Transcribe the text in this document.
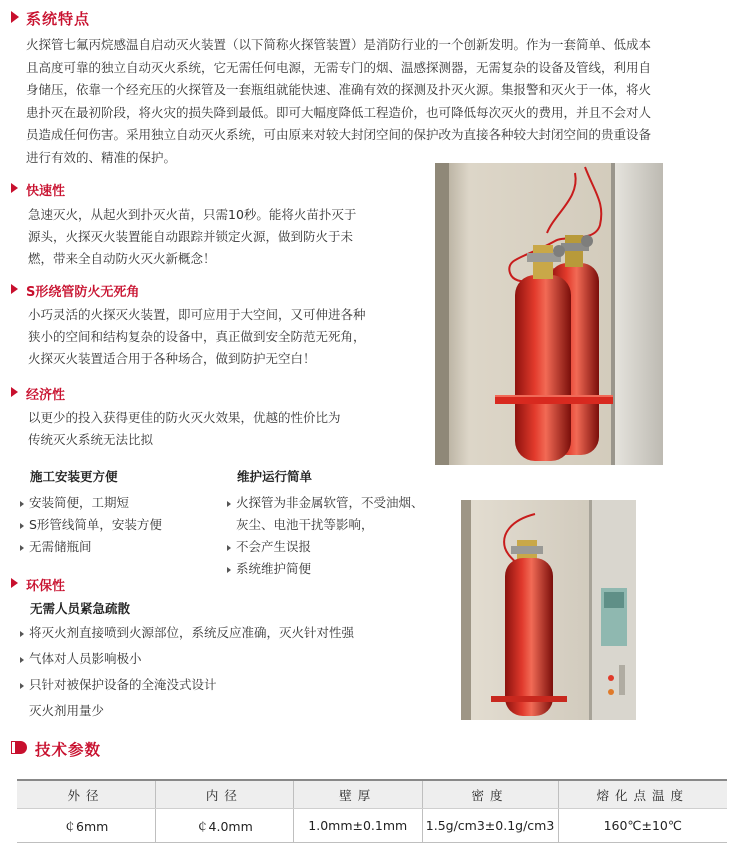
系统特点
火探管七氟丙烷感温自启动灭火装置（以下简称火探管装置）是消防行业的一个创新发明。作为一套简单、低成本
且高度可靠的独立自动灭火系统，它无需任何电源，无需专门的烟、温感探测器，无需复杂的设备及管线，利用自
身储压，依靠一个经充压的火探管及一套瓶组就能快速、准确有效的探测及扑灭火源。集报警和灭火于一体，将火
患扑灭在最初阶段，将火灾的损失降到最低。即可大幅度降低工程造价，也可降低每次灭火的费用，并且不会对人
员造成任何伤害。采用独立自动灭火系统，可由原来对较大封闭空间的保护改为直接各种较大封闭空间的贵重设备
进行有效的、精准的保护。
快速性
急速灭火，从起火到扑灭火苗，只需10秒。能将火苗扑灭于
源头，火探灭火装置能自动跟踪并锁定火源，做到防火于未
燃，带来全自动防火灭火新概念！
S形绕管防火无死角
小巧灵活的火探灭火装置，即可应用于大空间，又可伸进各种
狭小的空间和结构复杂的设备中，真正做到安全防范无死角，
火探灭火装置适合用于各种场合，做到防护无空白！
经济性
以更少的投入获得更佳的防火灭火效果，优越的性价比为
传统灭火系统无法比拟
施工安装更方便
安装简便，工期短
S形管线简单，安装方便
无需储瓶间
维护运行简单
火探管为非金属软管，不受油烟、
灰尘、电池干扰等影响，
不会产生误报
系统维护简便
环保性
无需人员紧急疏散
将灭火剂直接喷到火源部位，系统反应准确，灭火针对性强
气体对人员影响极小
只针对被保护设备的全淹没式设计
灭火剂用量少
技术参数
外径	内径	壁厚	密度	熔化点温度
￠6mm	￠4.0mm	1.0mm±0.1mm	1.5g/cm3±0.1g/cm3	160℃±10℃
